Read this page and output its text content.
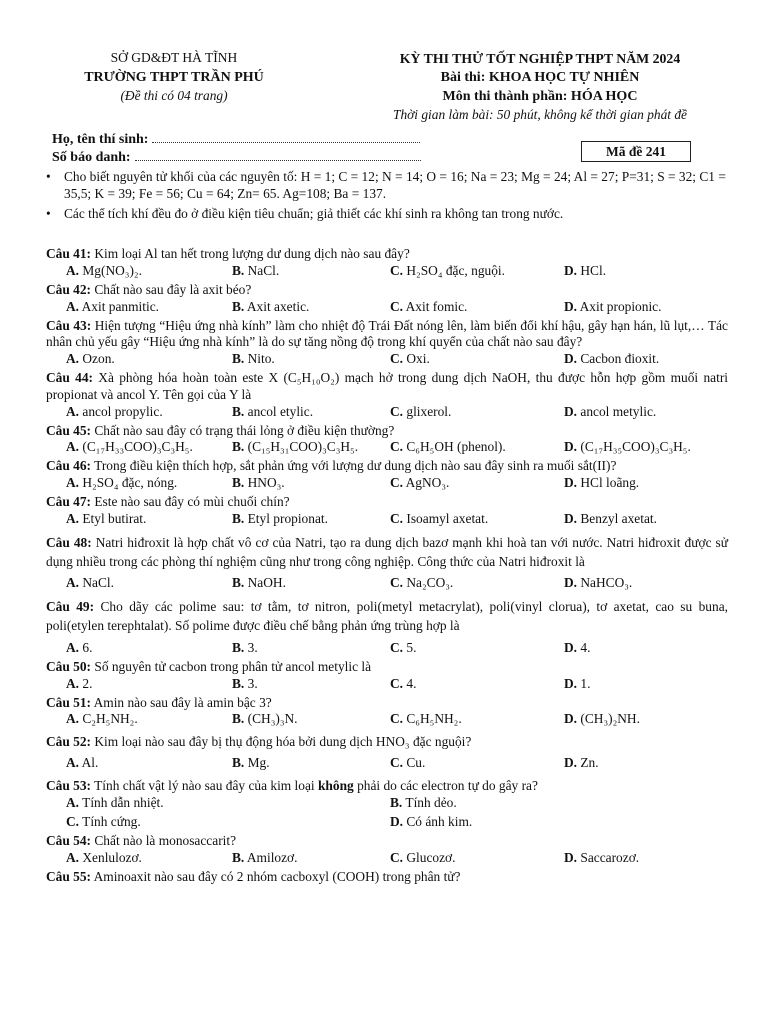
SỞ GD&ĐT HÀ TĨNH
TRƯỜNG THPT TRẦN PHÚ
(Đề thi có 04 trang)
KỲ THI THỬ TỐT NGHIỆP THPT NĂM 2024
Bài thi: KHOA HỌC TỰ NHIÊN
Môn thi thành phần: HÓA HỌC
Thời gian làm bài: 50 phút, không kể thời gian phát đề
Họ, tên thí sinh:
Số báo danh:	Mã đề 241
• Cho biết nguyên tử khối của các nguyên tố: H = 1; C = 12; N = 14; O = 16; Na = 23; Mg = 24; Al = 27; P=31; S = 32; C1 = 35,5; K = 39; Fe = 56; Cu = 64; Zn= 65. Ag=108; Ba = 137.
• Các thể tích khí đều đo ở điều kiện tiêu chuẩn; giả thiết các khí sinh ra không tan trong nước.
Câu 41: Kim loại Al tan hết trong lượng dư dung dịch nào sau đây?
A. Mg(NO₃)₂.	B. NaCl.	C. H₂SO₄ đặc, nguội.	D. HCl.
Câu 42: Chất nào sau đây là axit béo?
A. Axit panmitic.	B. Axit axetic.	C. Axit fomic.	D. Axit propionic.
Câu 43: Hiện tượng “Hiệu ứng nhà kính” làm cho nhiệt độ Trái Đất nóng lên, làm biến đổi khí hậu, gây hạn hán, lũ lụt,… Tác nhân chủ yếu gây “Hiệu ứng nhà kính” là do sự tăng nồng độ trong khí quyển của chất nào sau đây?
A. Ozon.	B. Nito.	C. Oxi.	D. Cacbon đioxit.
Câu 44: Xà phòng hóa hoàn toàn este X (C₅H₁₀O₂) mạch hở trong dung dịch NaOH, thu được hỗn hợp gồm muối natri propionat và ancol Y. Tên gọi của Y là
A. ancol propylic.	B. ancol etylic.	C. glixerol.	D. ancol metylic.
Câu 45: Chất nào sau đây có trạng thái lỏng ở điều kiện thường?
A. (C₁₇H₃₃COO)₃C₃H₅.	B. (C₁₅H₃₁COO)₃C₃H₅.	C. C₆H₅OH (phenol).	D. (C₁₇H₃₅COO)₃C₃H₅.
Câu 46: Trong điều kiện thích hợp, sắt phản ứng với lượng dư dung dịch nào sau đây sinh ra muối sắt(II)?
A. H₂SO₄ đặc, nóng.	B. HNO₃.	C. AgNO₃.	D. HCl loãng.
Câu 47: Este nào sau đây có mùi chuối chín?
A. Etyl butirat.	B. Etyl propionat.	C. Isoamyl axetat.	D. Benzyl axetat.
Câu 48: Natri hiđroxit là hợp chất vô cơ của Natri, tạo ra dung dịch bazơ mạnh khi hoà tan với nước. Natri hiđroxit được sử dụng nhiều trong các phòng thí nghiệm cũng như trong công nghiệp. Công thức của Natri hiđroxit là
A. NaCl.	B. NaOH.	C. Na₂CO₃.	D. NaHCO₃.
Câu 49: Cho dãy các polime sau: tơ tằm, tơ nitron, poli(metyl metacrylat), poli(vinyl clorua), tơ axetat, cao su buna, poli(etylen terephtalat). Số polime được điều chế bằng phản ứng trùng hợp là
A. 6.	B. 3.	C. 5.	D. 4.
Câu 50: Số nguyên tử cacbon trong phân tử ancol metylic là
A. 2.	B. 3.	C. 4.	D. 1.
Câu 51: Amin nào sau đây là amin bậc 3?
A. C₂H₅NH₂.	B. (CH₃)₃N.	C. C₆H₅NH₂.	D. (CH₃)₂NH.
Câu 52: Kim loại nào sau đây bị thụ động hóa bởi dung dịch HNO₃ đặc nguội?
A. Al.	B. Mg.	C. Cu.	D. Zn.
Câu 53: Tính chất vật lý nào sau đây của kim loại không phải do các electron tự do gây ra?
A. Tính dẫn nhiệt.	B. Tính dẻo.
C. Tính cứng.	D. Có ánh kim.
Câu 54: Chất nào là monosaccarit?
A. Xenlulozơ.	B. Amilozơ.	C. Glucozơ.	D. Saccarozơ.
Câu 55: Aminoaxit nào sau đây có 2 nhóm cacboxyl (COOH) trong phân tử?
